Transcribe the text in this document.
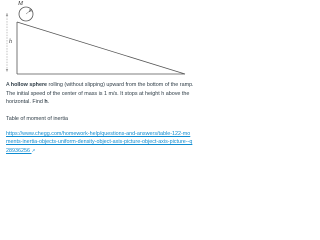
M
R
h
A hollow sphere rolling (without slipping) upward from the bottom of the ramp. The initial speed of the center of mass is 1 m/s. It stops at height h above the horizontal. Find h.
Table of moment of inertia
https://www.chegg.com/homework-help/questions-and-answers/table-122-moments-inertia-objects-uniform-density-object-axis-picture-object-axis-picture--q28936256 ↗
